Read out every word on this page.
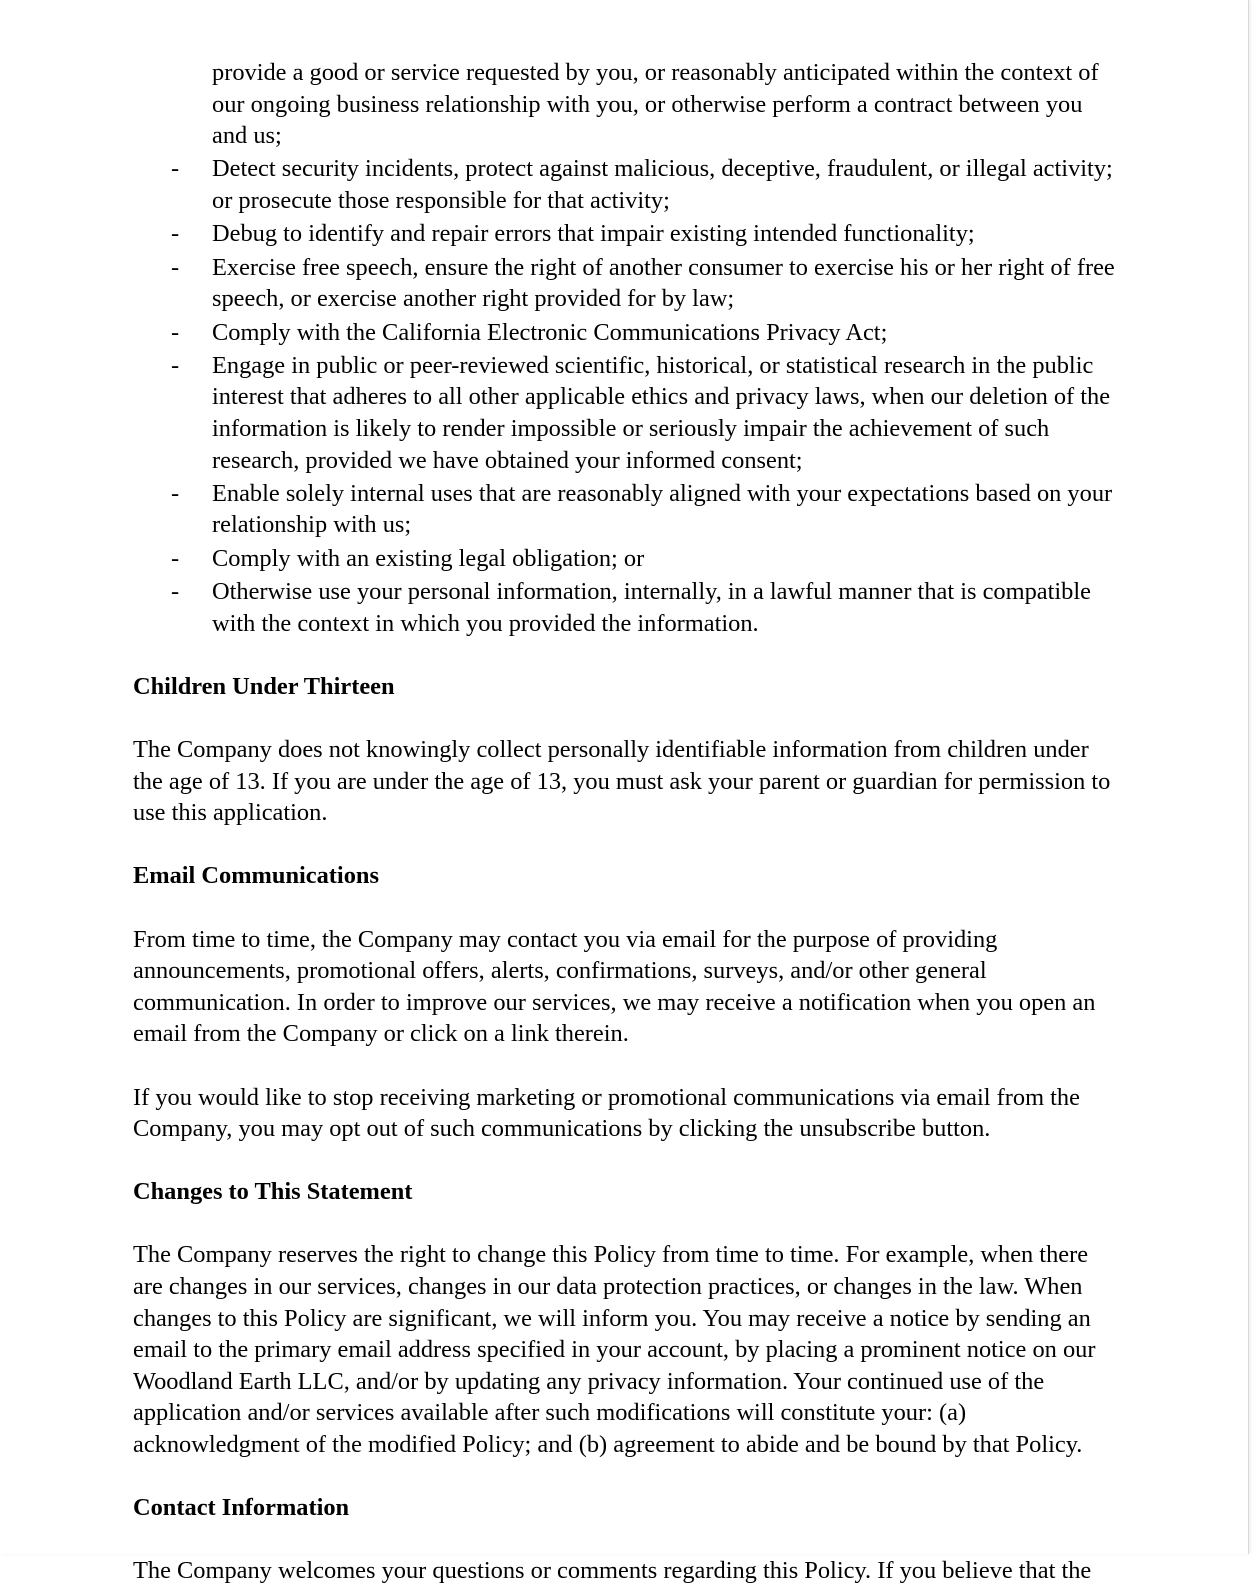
provide a good or service requested by you, or reasonably anticipated within the context of our ongoing business relationship with you, or otherwise perform a contract between you and us;

- Detect security incidents, protect against malicious, deceptive, fraudulent, or illegal activity; or prosecute those responsible for that activity;
- Debug to identify and repair errors that impair existing intended functionality;
- Exercise free speech, ensure the right of another consumer to exercise his or her right of free speech, or exercise another right provided for by law;
- Comply with the California Electronic Communications Privacy Act;
- Engage in public or peer-reviewed scientific, historical, or statistical research in the public interest that adheres to all other applicable ethics and privacy laws, when our deletion of the information is likely to render impossible or seriously impair the achievement of such research, provided we have obtained your informed consent;
- Enable solely internal uses that are reasonably aligned with your expectations based on your relationship with us;
- Comply with an existing legal obligation; or
- Otherwise use your personal information, internally, in a lawful manner that is compatible with the context in which you provided the information.

Children Under Thirteen

The Company does not knowingly collect personally identifiable information from children under the age of 13. If you are under the age of 13, you must ask your parent or guardian for permission to use this application.

Email Communications

From time to time, the Company may contact you via email for the purpose of providing announcements, promotional offers, alerts, confirmations, surveys, and/or other general communication. In order to improve our services, we may receive a notification when you open an email from the Company or click on a link therein.

If you would like to stop receiving marketing or promotional communications via email from the Company, you may opt out of such communications by clicking the unsubscribe button.

Changes to This Statement

The Company reserves the right to change this Policy from time to time. For example, when there are changes in our services, changes in our data protection practices, or changes in the law. When changes to this Policy are significant, we will inform you. You may receive a notice by sending an email to the primary email address specified in your account, by placing a prominent notice on our Woodland Earth LLC, and/or by updating any privacy information. Your continued use of the application and/or services available after such modifications will constitute your: (a) acknowledgment of the modified Policy; and (b) agreement to abide and be bound by that Policy.

Contact Information

The Company welcomes your questions or comments regarding this Policy. If you believe that the
